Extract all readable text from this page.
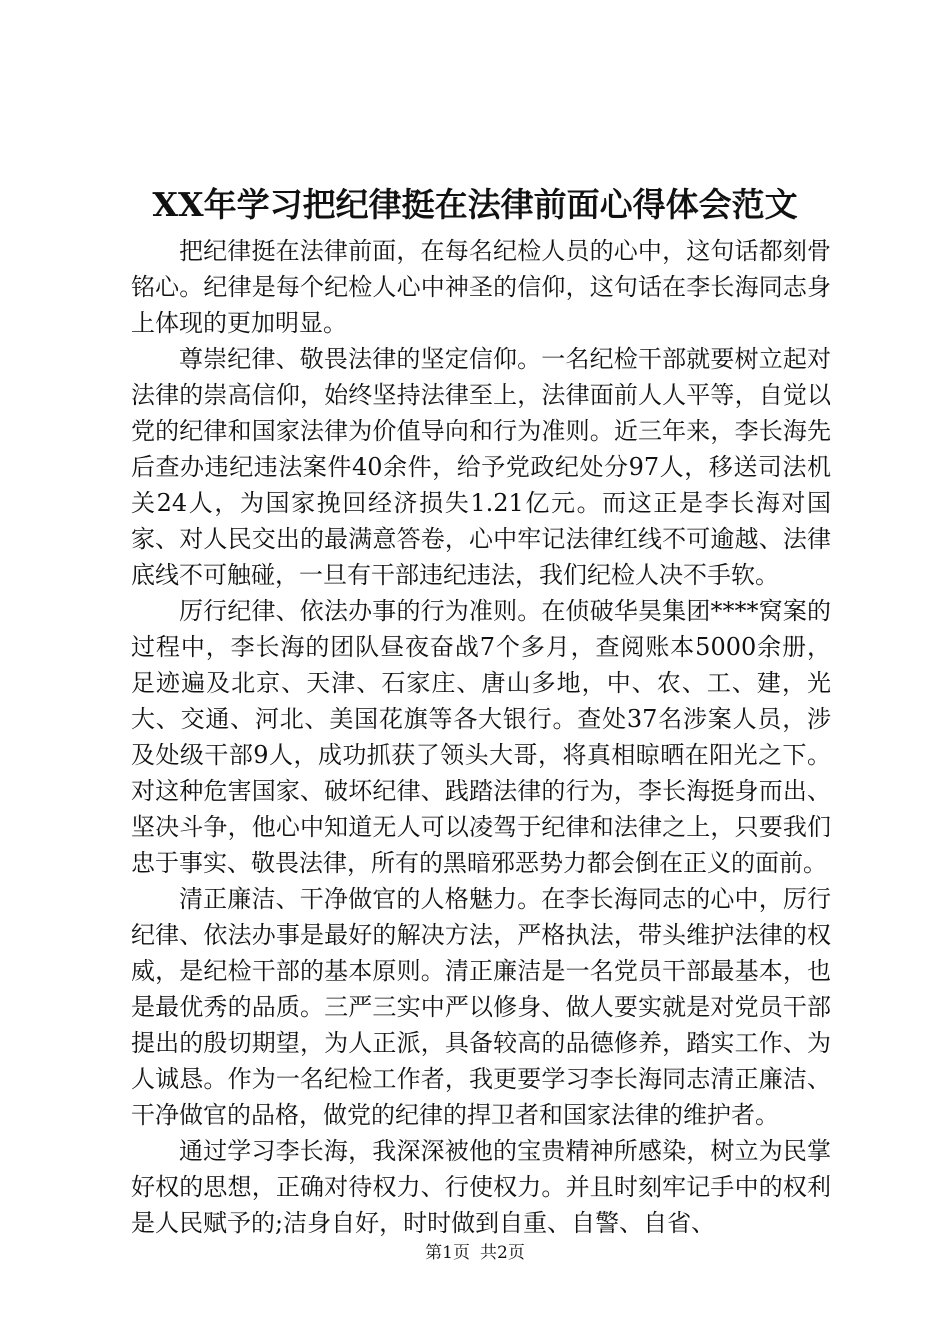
XX年学习把纪律挺在法律前面心得体会范文

把纪律挺在法律前面，在每名纪检人员的心中，这句话都刻骨铭心。纪律是每个纪检人心中神圣的信仰，这句话在李长海同志身上体现的更加明显。

尊崇纪律、敬畏法律的坚定信仰。一名纪检干部就要树立起对法律的崇高信仰，始终坚持法律至上，法律面前人人平等，自觉以党的纪律和国家法律为价值导向和行为准则。近三年来，李长海先后查办违纪违法案件40余件，给予党政纪处分97人，移送司法机关24人，为国家挽回经济损失1.21亿元。而这正是李长海对国家、对人民交出的最满意答卷，心中牢记法律红线不可逾越、法律底线不可触碰，一旦有干部违纪违法，我们纪检人决不手软。

厉行纪律、依法办事的行为准则。在侦破华昊集团****窝案的过程中，李长海的团队昼夜奋战7个多月，查阅账本5000余册，足迹遍及北京、天津、石家庄、唐山多地，中、农、工、建，光大、交通、河北、美国花旗等各大银行。查处37名涉案人员，涉及处级干部9人，成功抓获了领头大哥，将真相晾晒在阳光之下。对这种危害国家、破坏纪律、践踏法律的行为，李长海挺身而出、坚决斗争，他心中知道无人可以凌驾于纪律和法律之上，只要我们忠于事实、敬畏法律，所有的黑暗邪恶势力都会倒在正义的面前。

清正廉洁、干净做官的人格魅力。在李长海同志的心中，厉行纪律、依法办事是最好的解决方法，严格执法，带头维护法律的权威，是纪检干部的基本原则。清正廉洁是一名党员干部最基本，也是最优秀的品质。三严三实中严以修身、做人要实就是对党员干部提出的殷切期望，为人正派，具备较高的品德修养，踏实工作、为人诚恳。作为一名纪检工作者，我更要学习李长海同志清正廉洁、干净做官的品格，做党的纪律的捍卫者和国家法律的维护者。

通过学习李长海，我深深被他的宝贵精神所感染，树立为民掌好权的思想，正确对待权力、行使权力。并且时刻牢记手中的权利是人民赋予的;洁身自好，时时做到自重、自警、自省、

第1页 共2页
